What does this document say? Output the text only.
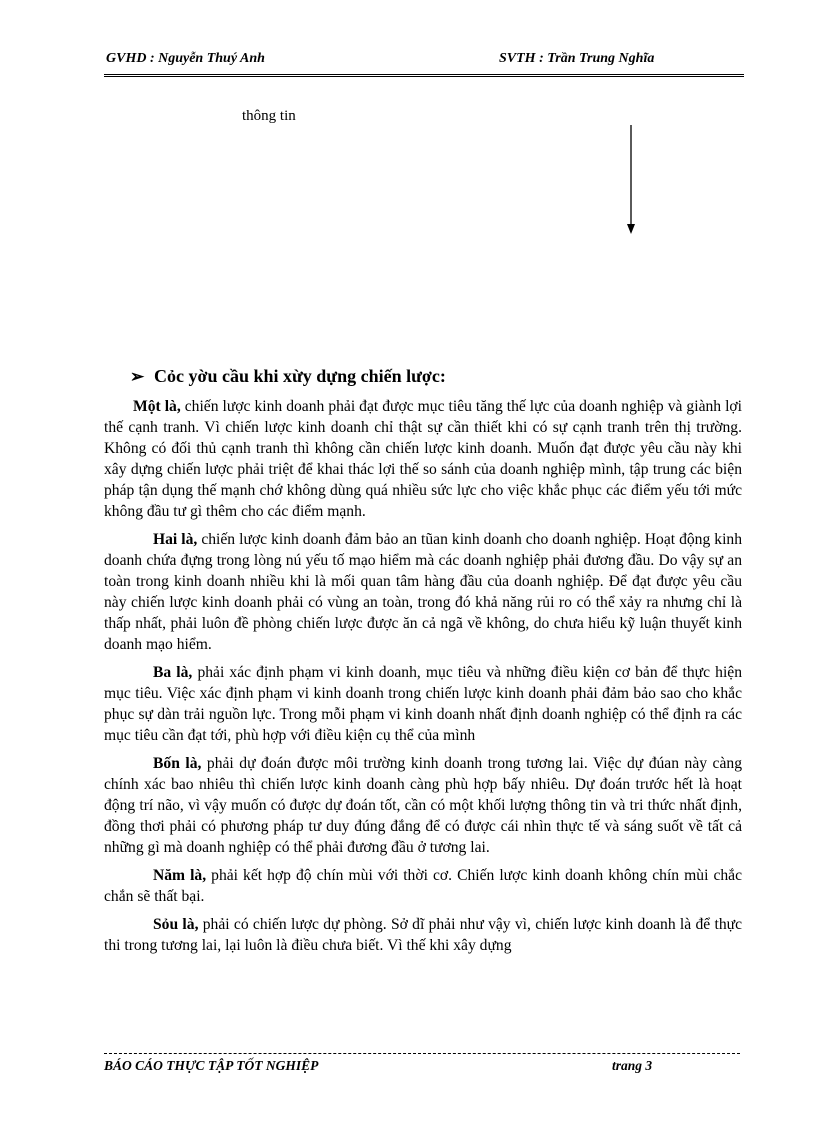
GVHD : Nguyễn Thuý Anh	SVTH : Trần Trung Nghĩa
thông tin
➢ Cỏc yờu cầu khi xừy dựng chiến lược:

Một là, chiến lược kinh doanh phải đạt được mục tiêu tăng thế lực của doanh nghiệp và giành lợi thế cạnh tranh. Vì chiến lược kinh doanh chỉ thật sự cần thiết khi có sự cạnh tranh trên thị trường. Không có đối thủ cạnh tranh thì không cần chiến lược kinh doanh. Muốn đạt được yêu cầu này khi xây dựng chiến lược phải triệt để khai thác lợi thế so sánh của doanh nghiệp mình, tập trung các biện pháp tận dụng thế mạnh chớ không dùng quá nhiều sức lực cho việc khắc phục các điểm yếu tới mức không đầu tư gì thêm cho các điểm mạnh.

Hai là, chiến lược kinh doanh đảm bảo an tũan kinh doanh cho doanh nghiệp. Hoạt động kinh doanh chứa đựng trong lòng nú yếu tố mạo hiểm mà các doanh nghiệp phải đương đầu. Do vậy sự an toàn trong kinh doanh nhiều khi là mối quan tâm hàng đầu của doanh nghiệp. Để đạt được yêu cầu này chiến lược kinh doanh phải có vùng an toàn, trong đó khả năng rủi ro có thể xảy ra nhưng chỉ là thấp nhất, phải luôn đề phòng chiến lược được ăn cả ngã về không, do chưa hiểu kỹ luận thuyết kinh doanh mạo hiểm.

Ba là, phải xác định phạm vi kinh doanh, mục tiêu và những điều kiện cơ bản để thực hiện mục tiêu. Việc xác định phạm vi kinh doanh trong chiến lược kinh doanh phải đảm bảo sao cho khắc phục sự dàn trải nguồn lực. Trong mỗi phạm vi kinh doanh nhất định doanh nghiệp có thể định ra các mục tiêu cần đạt tới, phù hợp với điều kiện cụ thể của mình

Bốn là, phải dự đoán được môi trường kinh doanh trong tương lai. Việc dự đúan này càng chính xác bao nhiêu thì chiến lược kinh doanh càng phù hợp bấy nhiêu. Dự đoán trước hết là hoạt động trí não, vì vậy muốn có được dự đoán tốt, cần có một khối lượng thông tin và tri thức nhất định, đồng thơi phải có phương pháp tư duy đúng đắng để có được cái nhìn thực tế và sáng suốt về tất cả những gì mà doanh nghiệp có thể phải đương đầu ở tương lai.

Năm là, phải kết hợp độ chín mùi với thời cơ. Chiến lược kinh doanh không chín mùi chắc chắn sẽ thất bại.

Sỏu là, phải có chiến lược dự phòng. Sở dĩ phải như vậy vì, chiến lược kinh doanh là để thực thi trong tương lai, lại luôn là điều chưa biết. Vì thế khi xây dựng

BÁO CÁO THỰC TẬP TỐT NGHIỆP	trang 3
